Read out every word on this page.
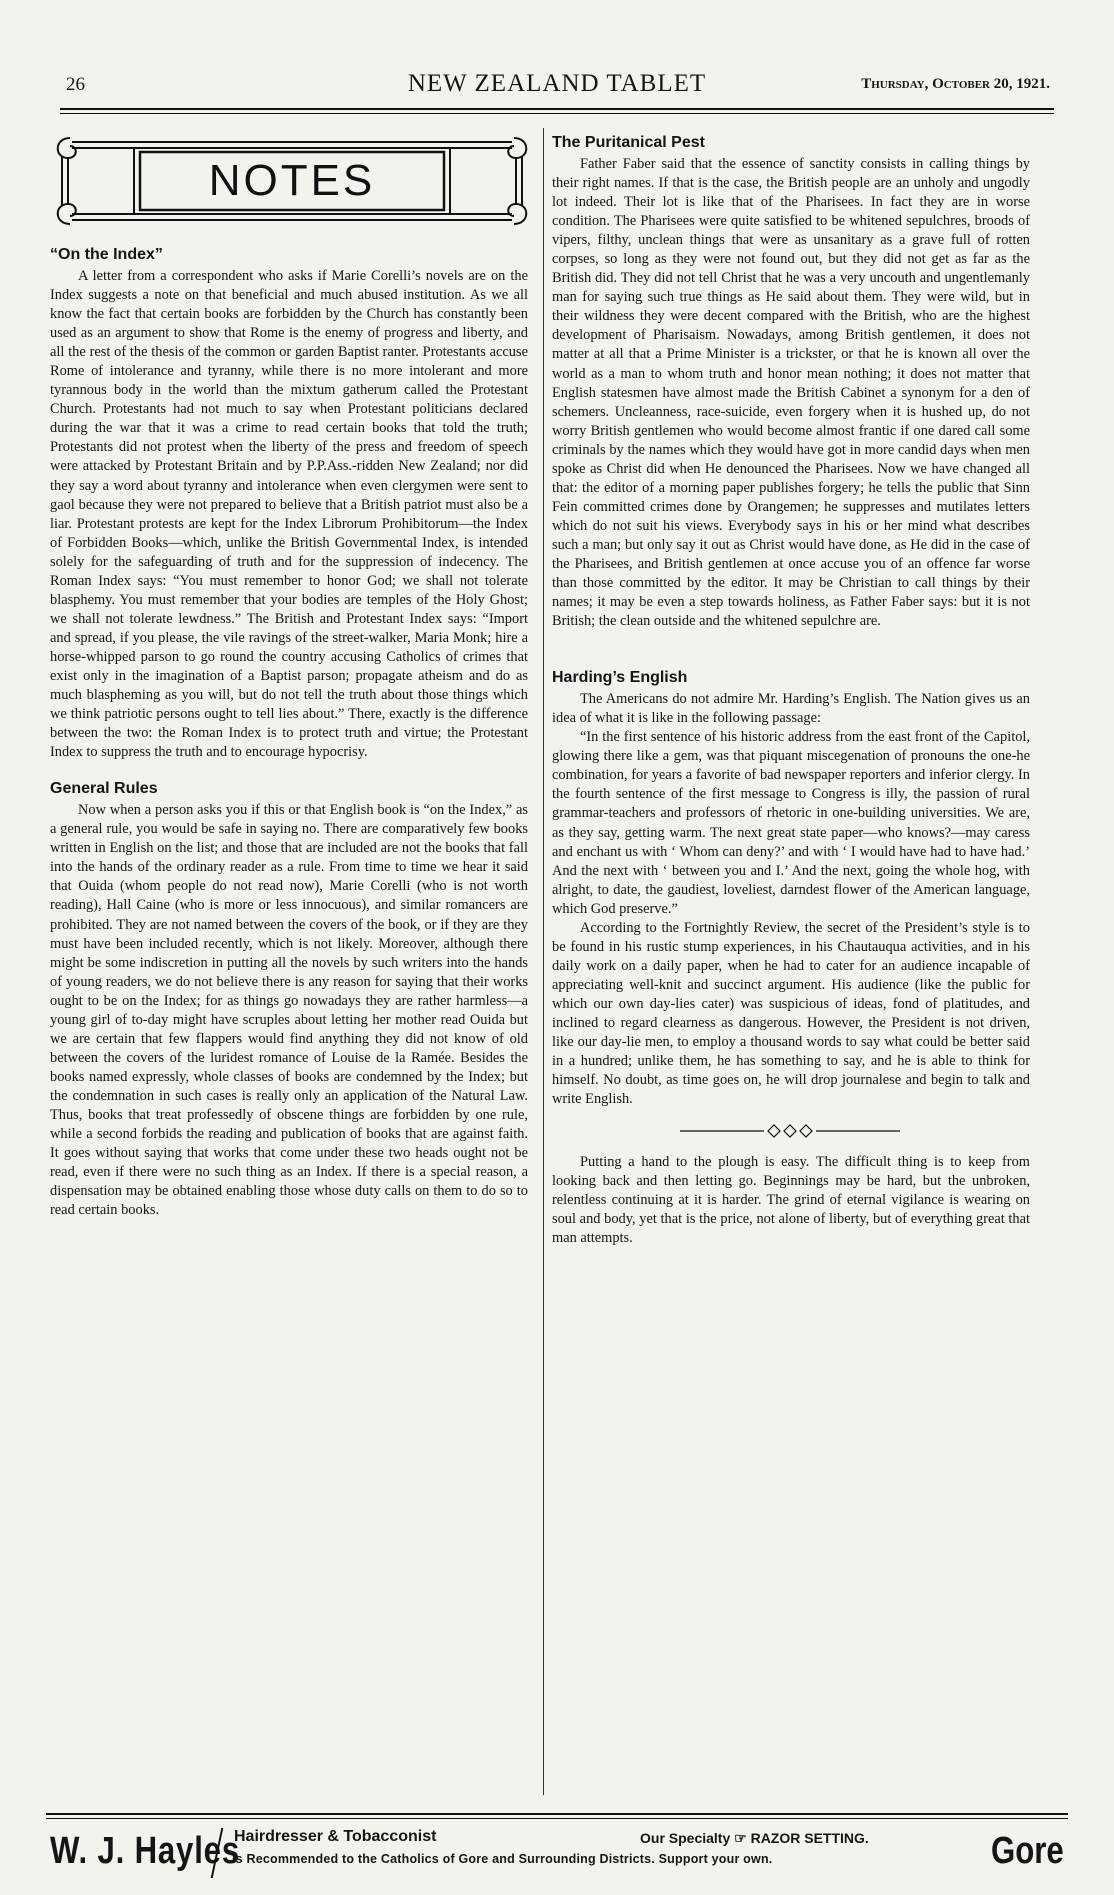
26	NEW ZEALAND TABLET	Thursday, October 20, 1921.
NOTES
“On the Index”

A letter from a correspondent who asks if Marie Corelli’s novels are on the Index suggests a note on that beneficial and much abused institution. As we all know the fact that certain books are forbidden by the Church has constantly been used as an argument to show that Rome is the enemy of progress and liberty, and all the rest of the thesis of the common or garden Baptist ranter. Protestants accuse Rome of intolerance and tyranny, while there is no more intolerant and more tyrannous body in the world than the mixtum gatherum called the Protestant Church. Protestants had not much to say when Protestant politicians declared during the war that it was a crime to read certain books that told the truth; Protestants did not protest when the liberty of the press and freedom of speech were attacked by Protestant Britain and by P.P.Ass.-ridden New Zealand; nor did they say a word about tyranny and intolerance when even clergymen were sent to gaol because they were not prepared to believe that a British patriot must also be a liar. Protestant protests are kept for the Index Librorum Prohibitorum—the Index of Forbidden Books—which, unlike the British Governmental Index, is intended solely for the safeguarding of truth and for the suppression of indecency. The Roman Index says: “You must remember to honor God; we shall not tolerate blasphemy. You must remember that your bodies are temples of the Holy Ghost; we shall not tolerate lewdness.” The British and Protestant Index says: “Import and spread, if you please, the vile ravings of the street-walker, Maria Monk; hire a horse-whipped parson to go round the country accusing Catholics of crimes that exist only in the imagination of a Baptist parson; propagate atheism and do as much blaspheming as you will, but do not tell the truth about those things which we think patriotic persons ought to tell lies about.” There, exactly is the difference between the two: the Roman Index is to protect truth and virtue; the Protestant Index to suppress the truth and to encourage hypocrisy.

General Rules

Now when a person asks you if this or that English book is “on the Index,” as a general rule, you would be safe in saying no. There are comparatively few books written in English on the list; and those that are included are not the books that fall into the hands of the ordinary reader as a rule. From time to time we hear it said that Ouida (whom people do not read now), Marie Corelli (who is not worth reading), Hall Caine (who is more or less innocuous), and similar romancers are prohibited. They are not named between the covers of the book, or if they are they must have been included recently, which is not likely. Moreover, although there might be some indiscretion in putting all the novels by such writers into the hands of young readers, we do not believe there is any reason for saying that their works ought to be on the Index; for as things go nowadays they are rather harmless—a young girl of to-day might have scruples about letting her mother read Ouida but we are certain that few flappers would find anything they did not know of old between the covers of the luridest romance of Louise de la Ramée. Besides the books named expressly, whole classes of books are condemned by the Index; but the condemnation in such cases is really only an application of the Natural Law. Thus, books that treat professedly of obscene things are forbidden by one rule, while a second forbids the reading and publication of books that are against faith. It goes without saying that works that come under these two heads ought not be read, even if there were no such thing as an Index. If there is a special reason, a dispensation may be obtained enabling those whose duty calls on them to do so to read certain books.

The Puritanical Pest

Father Faber said that the essence of sanctity consists in calling things by their right names. If that is the case, the British people are an unholy and ungodly lot indeed. Their lot is like that of the Pharisees. In fact they are in worse condition. The Pharisees were quite satisfied to be whitened sepulchres, broods of vipers, filthy, unclean things that were as unsanitary as a grave full of rotten corpses, so long as they were not found out, but they did not get as far as the British did. They did not tell Christ that he was a very uncouth and ungentlemanly man for saying such true things as He said about them. They were wild, but in their wildness they were decent compared with the British, who are the highest development of Pharisaism. Nowadays, among British gentlemen, it does not matter at all that a Prime Minister is a trickster, or that he is known all over the world as a man to whom truth and honor mean nothing; it does not matter that English statesmen have almost made the British Cabinet a synonym for a den of schemers. Uncleanness, race-suicide, even forgery when it is hushed up, do not worry British gentlemen who would become almost frantic if one dared call some criminals by the names which they would have got in more candid days when men spoke as Christ did when He denounced the Pharisees. Now we have changed all that: the editor of a morning paper publishes forgery; he tells the public that Sinn Fein committed crimes done by Orangemen; he suppresses and mutilates letters which do not suit his views. Everybody says in his or her mind what describes such a man; but only say it out as Christ would have done, as He did in the case of the Pharisees, and British gentlemen at once accuse you of an offence far worse than those committed by the editor. It may be Christian to call things by their names; it may be even a step towards holiness, as Father Faber says: but it is not British; the clean outside and the whitened sepulchre are.

Harding’s English

The Americans do not admire Mr. Harding’s English. The Nation gives us an idea of what it is like in the following passage:

“In the first sentence of his historic address from the east front of the Capitol, glowing there like a gem, was that piquant miscegenation of pronouns the one-he combination, for years a favorite of bad newspaper reporters and inferior clergy. In the fourth sentence of the first message to Congress is illy, the passion of rural grammar-teachers and professors of rhetoric in one-building universities. We are, as they say, getting warm. The next great state paper—who knows?—may caress and enchant us with ‘ Whom can deny?’ and with ‘ I would have had to have had.’ And the next with ‘ between you and I.’ And the next, going the whole hog, with alright, to date, the gaudiest, loveliest, darndest flower of the American language, which God preserve.”

According to the Fortnightly Review, the secret of the President’s style is to be found in his rustic stump experiences, in his Chautauqua activities, and in his daily work on a daily paper, when he had to cater for an audience incapable of appreciating well-knit and succinct argument. His audience (like the public for which our own day-lies cater) was suspicious of ideas, fond of platitudes, and inclined to regard clearness as dangerous. However, the President is not driven, like our day-lie men, to employ a thousand words to say what could be better said in a hundred; unlike them, he has something to say, and he is able to think for himself. No doubt, as time goes on, he will drop journalese and begin to talk and write English.

Putting a hand to the plough is easy. The difficult thing is to keep from looking back and then letting go. Beginnings may be hard, but the unbroken, relentless continuing at it is harder. The grind of eternal vigilance is wearing on soul and body, yet that is the price, not alone of liberty, but of everything great that man attempts.

W. J. Hayles
Hairdresser & Tobacconist
Is Recommended to the Catholics of Gore and Surrounding Districts. Support your own.
Our Specialty ☞ RAZOR SETTING.	Gore
